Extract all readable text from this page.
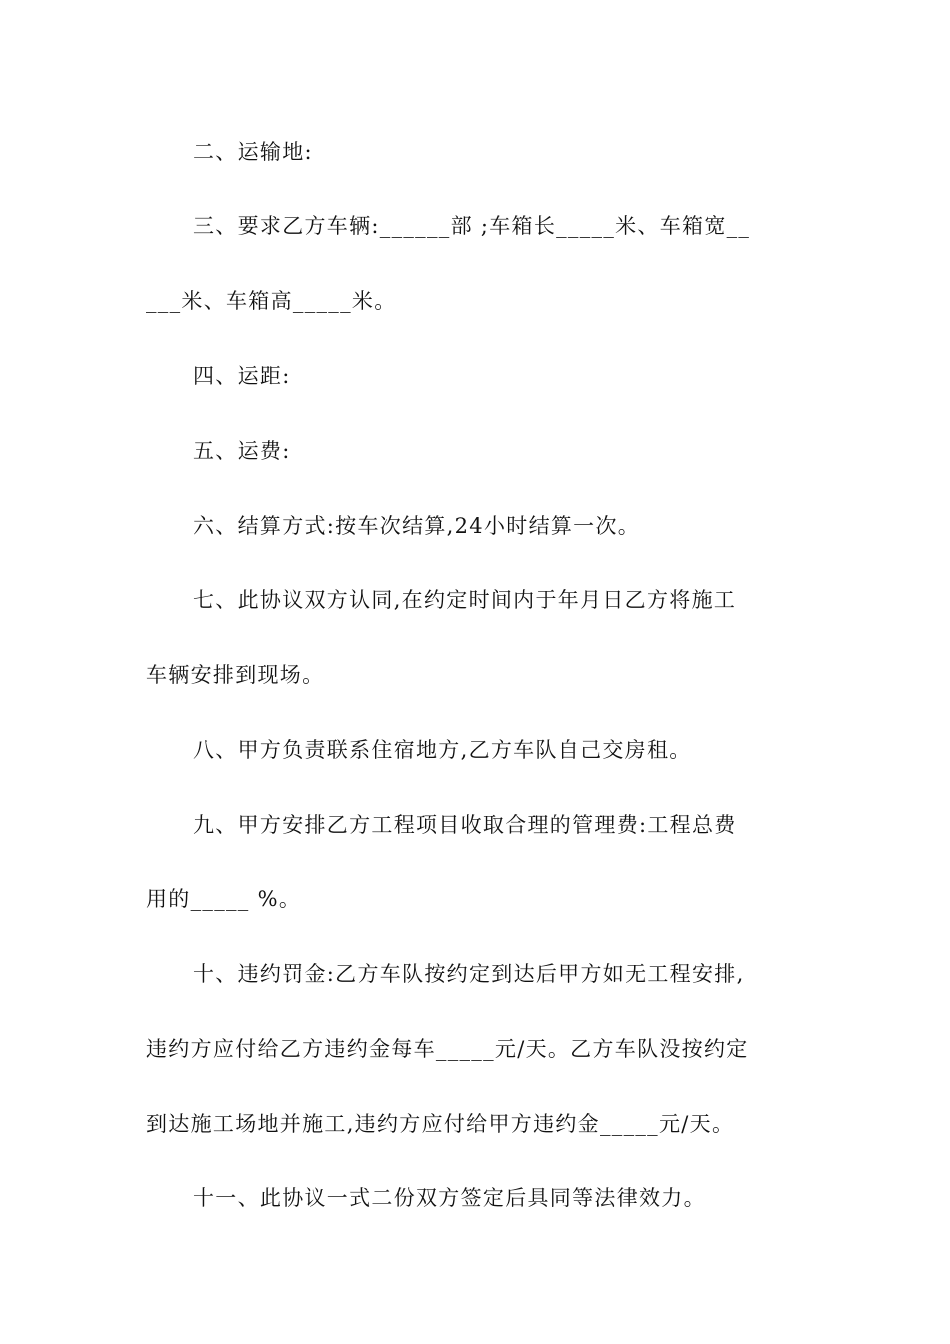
二、运输地:
三、要求乙方车辆:______部 ;车箱长_____米、车箱宽__
___米、车箱高_____米。
四、运距:
五、运费:
六、结算方式:按车次结算,24小时结算一次。
七、此协议双方认同,在约定时间内于年月日乙方将施工
车辆安排到现场。
八、甲方负责联系住宿地方,乙方车队自己交房租。
九、甲方安排乙方工程项目收取合理的管理费:工程总费
用的_____ %。
十、违约罚金:乙方车队按约定到达后甲方如无工程安排,
违约方应付给乙方违约金每车_____元/天。乙方车队没按约定
到达施工场地并施工,违约方应付给甲方违约金_____元/天。
十一、此协议一式二份双方签定后具同等法律效力。
